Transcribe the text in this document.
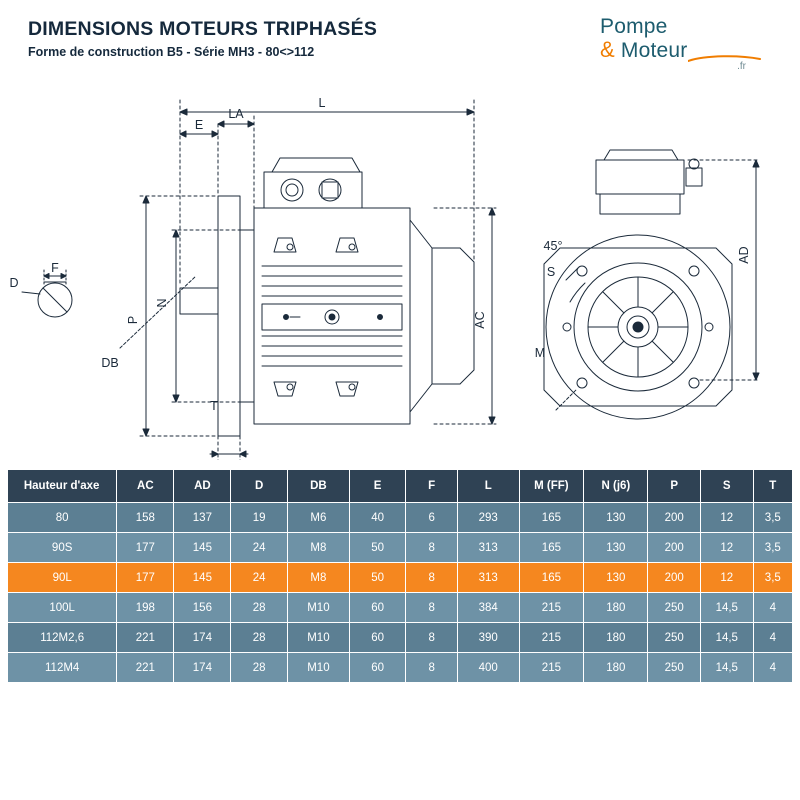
DIMENSIONS MOTEURS TRIPHASÉS
Forme de construction B5 - Série MH3 - 80<>112
Pompe
& Moteur
.fr
L
E
LA
F
D
P
N
DB
T
AC
AD
S
M
45°
Hauteur d'axe	AC	AD	D	DB	E	F	L	M (FF)	N (j6)	P	S	T
80	158	137	19	M6	40	6	293	165	130	200	12	3,5
90S	177	145	24	M8	50	8	313	165	130	200	12	3,5
90L	177	145	24	M8	50	8	313	165	130	200	12	3,5
100L	198	156	28	M10	60	8	384	215	180	250	14,5	4
112M2,6	221	174	28	M10	60	8	390	215	180	250	14,5	4
112M4	221	174	28	M10	60	8	400	215	180	250	14,5	4
